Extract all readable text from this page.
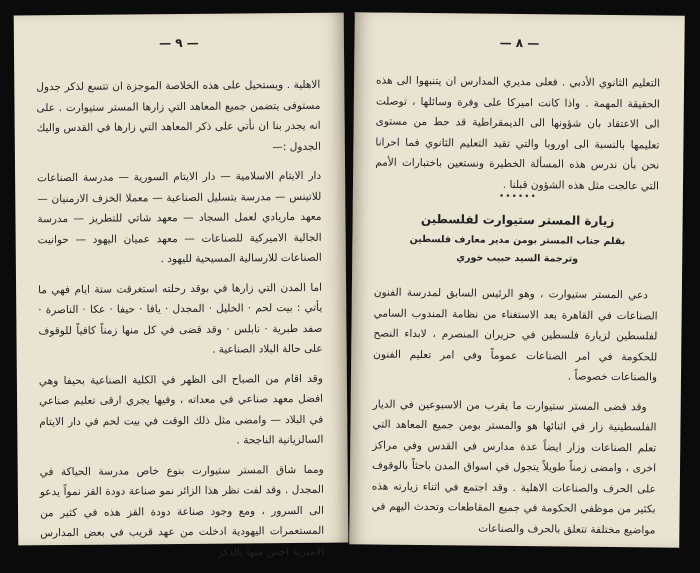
— ٩ —

الاهلية . ويستحيل على هذه الخلاصة الموجزة ان تتسع لذكر جدول مستوفى يتضمن جميع المعاهد التي زارها المستر ستيوارت . على انه يجدر بنا ان نأتي على ذكر المعاهد التي زارها في القدس واليك الجدول :—

دار الايتام الاسلامية — دار الايتام السورية — مدرسة الصناعات للاتينس — مدرسة بتسليل الصناعية — معملا الخزف الارمنيان — معهد ماريادي لعمل السجاد — معهد شاتي للتطريز — مدرسة الجالية الاميركية للصناعات — معهد عميان اليهود — حوانيت الصناعات للارسالية المسيحية لليهود .

اما المدن التي زارها في بوقد رحلته استغرقت ستة ايام فهي ما يأتي : بيت لحم · الخليل · المجدل · يافا · حيفا · عكا · الناصرة · صفد طبرية · نابلس · وقد قضى في كل منها زمناً كافياً للوقوف على حالة البلاد الصناعية .

وقد اقام من الصباح الى الظهر في الكلية الصناعية بحيفا وهي افضل معهد صناعي في معداته ، وفيها يجري ارقى تعليم صناعي في البلاد — وامضى مثل ذلك الوقت في بيت لحم في دار الايتام السالزيانية الناجحة .

ومما شاق المستر ستيوارت بنوع خاص مدرسة الحياكة في المجدل . وقد لفت نظر هذا الزائر نمو صناعة دودة القز نمواً يدعو الى السرور ، ومع وجود صناعة دودة القز هذه في كثير من المستعمرات اليهودية ادخلت من عهد قريب في بعض المدارس الاميرية اخص منها بالذكر

— ٨ —

التعليم الثانوي الأدبي . فعلى مديري المدارس ان يتنبهوا الى هذه الحقيقة المهمة . واذا كانت اميركا على وفرة وسائلها ، توصلت الى الاعتقاد بان شؤونها الى الديمقراطية قد حط من مستوى تعليمها بالنسبة الى اوروبا والتي تقيد التعليم الثانوي فما احرانا نحن بأن ندرس هذه المسألة الخطيرة ونستعين باختبارات الأمم التي عالجت مثل هذه الشؤون قبلنا .

••••••
زيارة المستر ستيوارت لفلسطين
بقلم جناب المستر بومن مدير معارف فلسطين
وترجمة السيد حبيب خوري

دعي المستر ستيوارت ، وهو الرئيس السابق لمدرسة الفنون الصناعات في القاهرة بعد الاستغناء من نظامة المندوب السامي لفلسطين لزيارة فلسطين في حزيران المنصرم ، لابداء النصح للحكومة في امر الصناعات عموماً وفي امر تعليم الفنون والصناعات خصوصاً .

وقد قضى المستر ستيوارت ما يقرب من الاسبوعين في الديار الفلسطينية زار في اثنائها هو والمستر بومن جميع المعاهد التي تعلم الصناعات وزار ايضاً عدة مدارس في القدس وفي مراكز اخرى ، وامضى زمناً طويلاً يتجول في اسواق المدن باحثاً بالوقوف على الحرف والصناعات الاهلية . وقد اجتمع في اثناء زيارته هذه بكثير من موظفي الحكومة في جميع المقاطعات وتحدث اليهم في مواضيع مختلفة تتعلق بالحرف والصناعات
